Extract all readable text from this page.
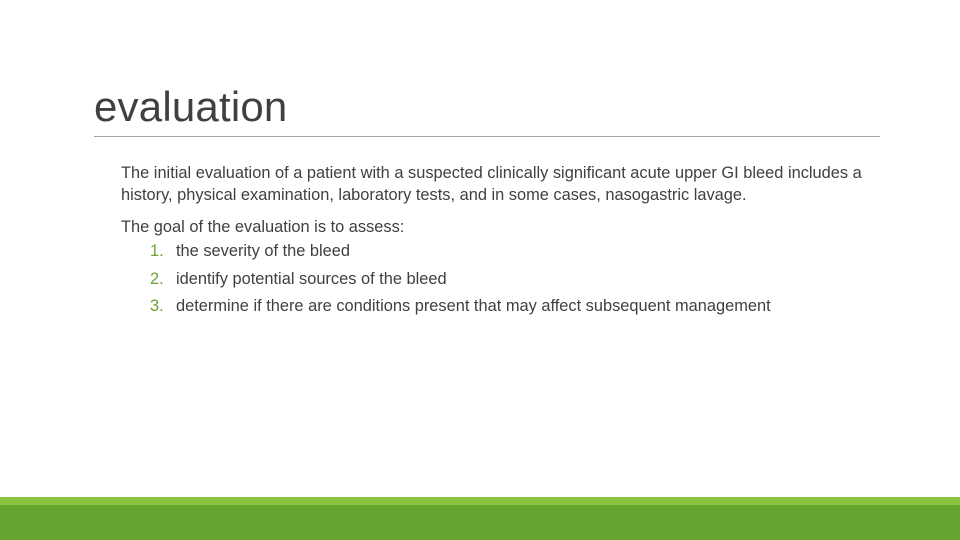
evaluation

The initial evaluation of a patient with a suspected clinically significant acute upper GI bleed includes a history, physical examination, laboratory tests, and in some cases, nasogastric lavage.

The goal of the evaluation is to assess:

1. the severity of the bleed
2. identify potential sources of the bleed
3. determine if there are conditions present that may affect subsequent management
